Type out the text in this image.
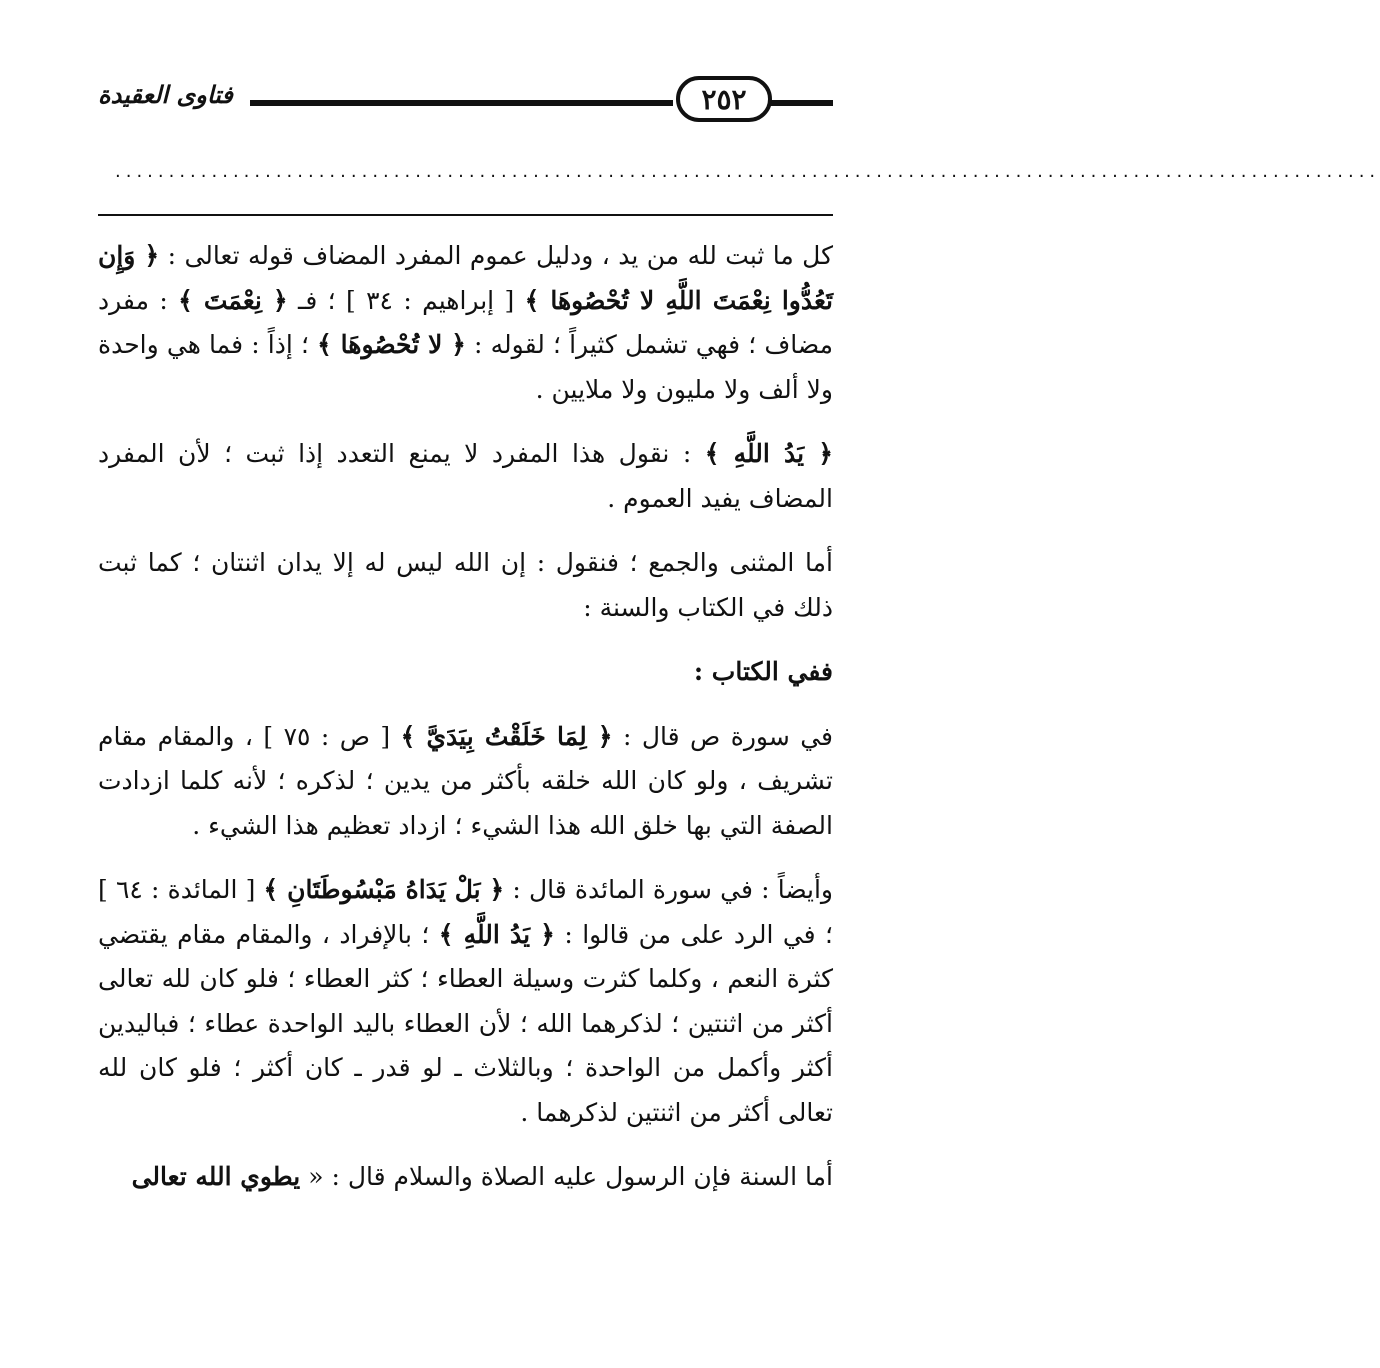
فتاوى العقيدة	٢٥٢
......................................................................................................................

كل ما ثبت لله من يد ، ودليل عموم المفرد المضاف قوله تعالى : ﴿ وَإِن تَعُدُّوا نِعْمَتَ اللَّهِ لا تُحْصُوهَا ﴾ [ إبراهيم : ٣٤ ] ؛ فـ ﴿ نِعْمَتَ ﴾ : مفرد مضاف ؛ فهي تشمل كثيراً ؛ لقوله : ﴿ لا تُحْصُوهَا ﴾ ؛ إذاً : فما هي واحدة ولا ألف ولا مليون ولا ملايين .

﴿ يَدُ اللَّهِ ﴾ : نقول هذا المفرد لا يمنع التعدد إذا ثبت ؛ لأن المفرد المضاف يفيد العموم .

أما المثنى والجمع ؛ فنقول : إن الله ليس له إلا يدان اثنتان ؛ كما ثبت ذلك في الكتاب والسنة :

ففي الكتاب :

في سورة ص قال : ﴿ لِمَا خَلَقْتُ بِيَدَيَّ ﴾ [ ص : ٧٥ ] ، والمقام مقام تشريف ، ولو كان الله خلقه بأكثر من يدين ؛ لذكره ؛ لأنه كلما ازدادت الصفة التي بها خلق الله هذا الشيء ؛ ازداد تعظيم هذا الشيء .

وأيضاً : في سورة المائدة قال : ﴿ بَلْ يَدَاهُ مَبْسُوطَتَانِ ﴾ [ المائدة : ٦٤ ] ؛ في الرد على من قالوا : ﴿ يَدُ اللَّهِ ﴾ ؛ بالإفراد ، والمقام مقام يقتضي كثرة النعم ، وكلما كثرت وسيلة العطاء ؛ كثر العطاء ؛ فلو كان لله تعالى أكثر من اثنتين ؛ لذكرهما الله ؛ لأن العطاء باليد الواحدة عطاء ؛ فباليدين أكثر وأكمل من الواحدة ؛ وبالثلاث ـ لو قدر ـ كان أكثر ؛ فلو كان لله تعالى أكثر من اثنتين لذكرهما .

أما السنة فإن الرسول عليه الصلاة والسلام قال : « يطوي الله تعالى
